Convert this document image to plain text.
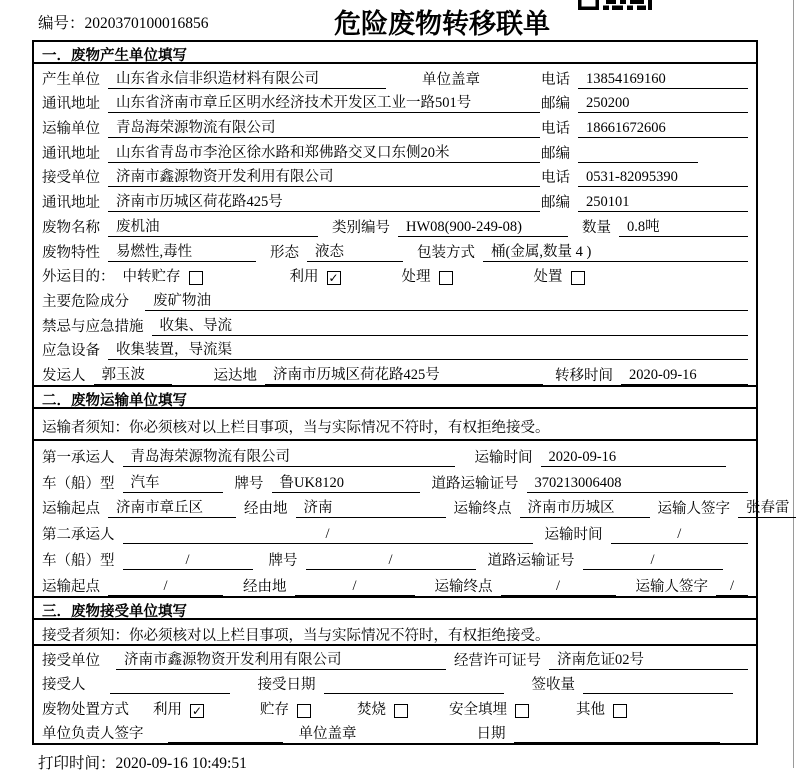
编号：2020370100016856	危险废物转移联单
一．废物产生单位填写
产生单位	山东省永信非织造材料有限公司	单位盖章	电话	13854169160
通讯地址	山东省济南市章丘区明水经济技术开发区工业一路501号	邮编	250200
运输单位	青岛海荣源物流有限公司	电话	18661672606
通讯地址	山东省青岛市李沧区徐水路和郑佛路交叉口东侧20米	邮编
接受单位	济南市鑫源物资开发利用有限公司	电话	0531-82095390
通讯地址	济南市历城区荷花路425号	邮编	250101
废物名称	废机油	类别编号	HW08(900-249-08)	数量	0.8吨
废物特性	易燃性,毒性	形态	液态	包装方式	桶(金属,数量 4 )
外运目的： 中转贮存	利用 ✓	处理	处置
主要危险成分	废矿物油
禁忌与应急措施	收集、导流
应急设备	收集装置，导流渠
发运人	郭玉波	运达地	济南市历城区荷花路425号	转移时间	2020-09-16
二．废物运输单位填写
运输者须知：你必须核对以上栏目事项，当与实际情况不符时，有权拒绝接受。
第一承运人	青岛海荣源物流有限公司	运输时间	2020-09-16
车（船）型	汽车	牌号	鲁UK8120	道路运输证号	370213006408
运输起点	济南市章丘区	经由地	济南	运输终点	济南市历城区	运输人签字	张春雷
第二承运人	/	运输时间	/
车（船）型	/	牌号	/	道路运输证号	/
运输起点	/	经由地	/	运输终点	/	运输人签字	/
三．废物接受单位填写
接受者须知：你必须核对以上栏目事项，当与实际情况不符时，有权拒绝接受。
接受单位	济南市鑫源物资开发利用有限公司	经营许可证号	济南危证02号
接受人	接受日期	签收量
废物处置方式 利用 ✓	贮存	焚烧	安全填埋	其他
单位负责人签字	单位盖章	日期
打印时间：2020-09-16 10:49:51
